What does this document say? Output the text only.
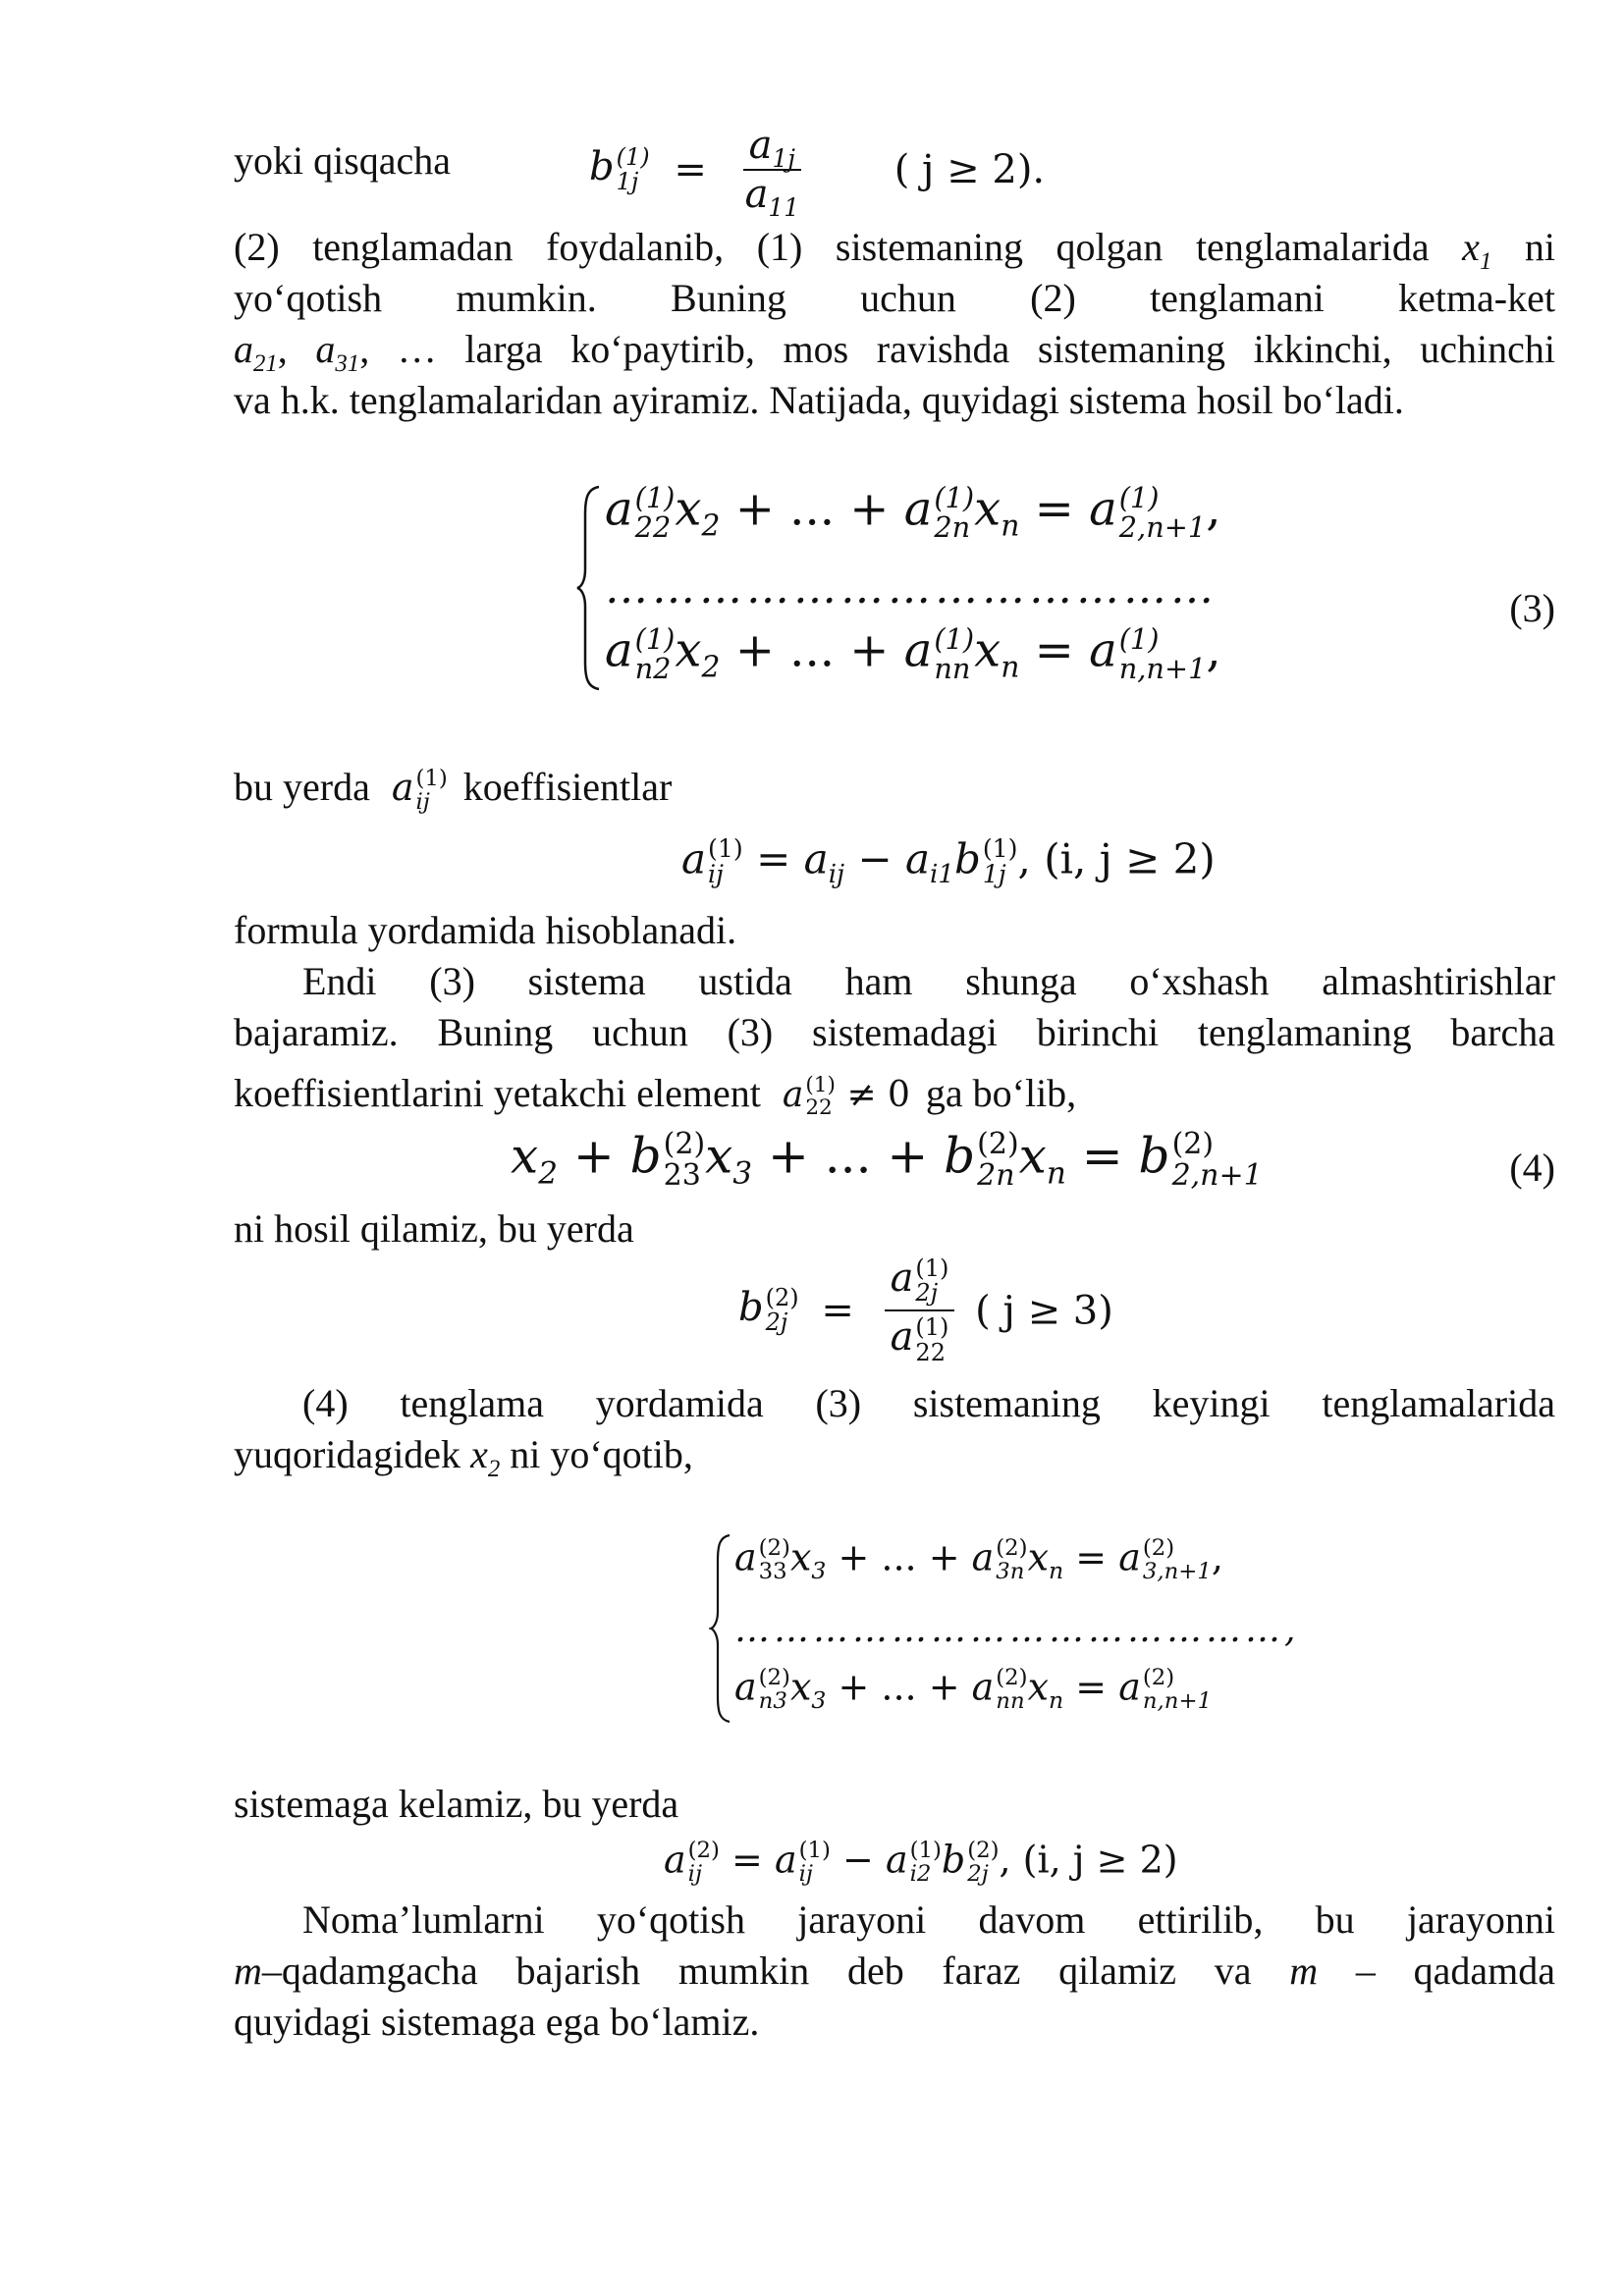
yoki qisqacha	b (1)
$1j = \frac{a_{1j}}{a_{11}}$ ( j ≥ 2).
(2) tenglamadan foydalanib, (1) sistemaning qolgan tenglamalarida $x_1$ ni
yo‘qotish mumkin. Buning uchun (2) tenglamani ketma-ket
$a_{21}$, $a_{31}$, … larga ko‘paytirib, mos ravishda sistemaning ikkinchi, uchinchi
va h.k. tenglamalaridan ayiramiz. Natijada, quyidagi sistema hosil bo‘ladi.
a (1)
22 $x_2$ + ... + a (1)
2n $x_n = a$ (1)
2,n+1 ,
…………………………………
a (1)
n2 $x_2$ + ... + a (1)
nn $x_n = a$ (1)
n,n+1 ,
(3)
bu yerda a (1)
ij koeffisientlar
a (1)
ij = $a_{ij} - a_{i1}b$ (1)
1j , (i, j ≥ 2)
formula yordamida hisoblanadi.
Endi (3) sistema ustida ham shunga o‘xshash almashtirishlar
bajaramiz. Buning uchun (3) sistemadagi birinchi tenglamaning barcha
koeffisientlarini yetakchi element a (1)
22 ≠ 0 ga bo‘lib,
$x_2 + b$ (2)
23 $x_3$ + ... + b (2)
2n $x_n = b$ (2)
2,n+1	(4)
ni hosil qilamiz, bu yerda
b (2)
2j = a (1)
2j
a (1)
22 ( j ≥ 3)
(4) tenglama yordamida (3) sistemaning keyingi tenglamalarida
yuqoridagidek $x_2$ ni yo‘qotib,
a (2)
33 $x_3$ + ... + a (2)
3n $x_n = a$ (2)
3,n+1 ,
……………………………………,
a (2)
n3 $x_3$ + ... + a (2)
nn $x_n = a$ (2)
n,n+1
sistemaga kelamiz, bu yerda
a (2)
ij = a (1)
ij − a (1)
i2 b (2)
2j , (i, j ≥ 2)
Noma’lumlarni yo‘qotish jarayoni davom ettirilib, bu jarayonni
m–qadamgacha bajarish mumkin deb faraz qilamiz va m – qadamda
quyidagi sistemaga ega bo‘lamiz.
